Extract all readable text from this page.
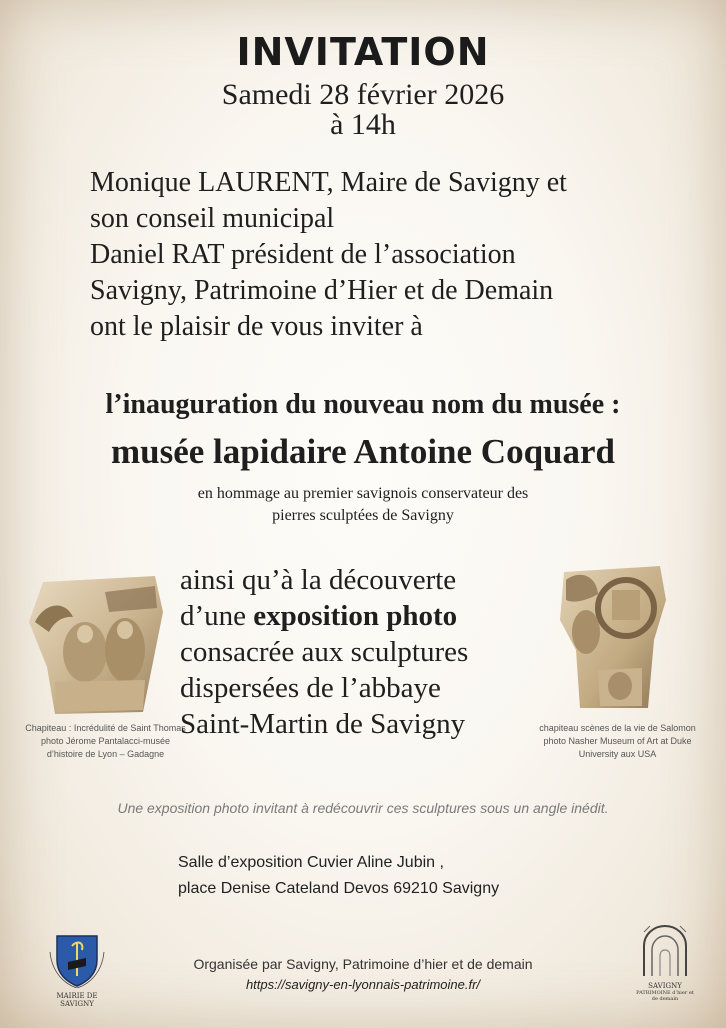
INVITATION
Samedi 28 février 2026
à 14h
Monique LAURENT, Maire de Savigny et
son conseil municipal
Daniel RAT président de l’association
Savigny, Patrimoine d’Hier et de Demain
ont le plaisir de vous inviter à
l’inauguration du nouveau nom du musée :
musée lapidaire Antoine Coquard
en hommage au premier savignois conservateur des
pierres sculptées de Savigny
Chapiteau : Incrédulité de Saint Thomas
photo Jérome Pantalacci-musée
d’histoire de Lyon – Gadagne
ainsi qu’à la découverte
d’une exposition photo
consacrée aux sculptures
dispersées de l’abbaye
Saint-Martin de Savigny	chapiteau scènes de la vie de Salomon
photo Nasher Museum of Art at Duke
University aux USA
Une exposition photo invitant à redécouvrir ces sculptures sous un angle inédit.
Salle d’exposition Cuvier Aline Jubin ,
place Denise Cateland Devos 69210 Savigny
MAIRIE DE SAVIGNY
Organisée par Savigny, Patrimoine d’hier et de demain
https://savigny-en-lyonnais-patrimoine.fr/	SAVIGNY
PATRIMOINE d’hier et de demain
